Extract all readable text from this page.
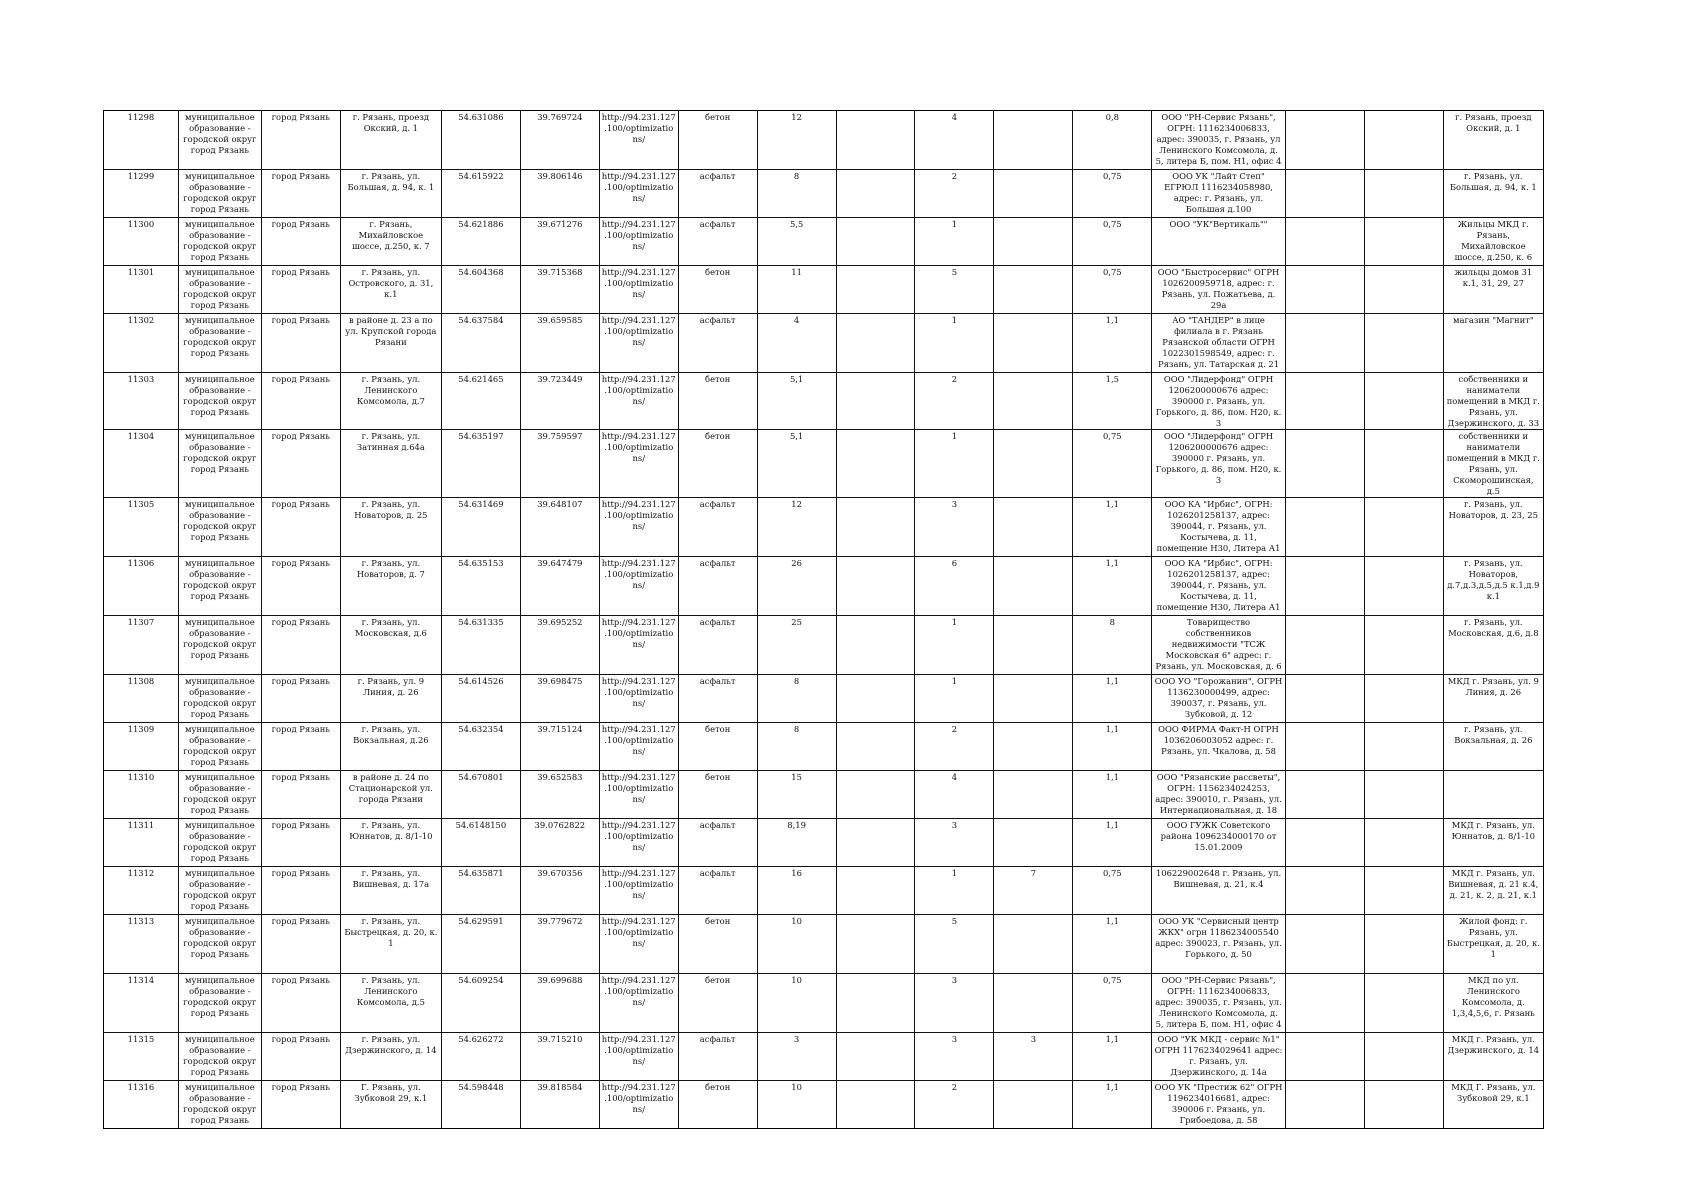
11298	муниципальное образование - городской округ город Рязань	город Рязань	г. Рязань, проезд Окский, д. 1	54.631086	39.769724	http://94.231.127.100/optimizations/	бетон	12		4		0,8	ООО "РН-Сервис Рязань", ОГРН: 1116234006833, адрес: 390035, г. Рязань, ул Ленинского Комсомола, д. 5, литера Б, пом. Н1, офис 4			г. Рязань, проезд Окский, д. 1
11299	муниципальное образование - городской округ город Рязань	город Рязань	г. Рязань, ул. Большая, д. 94, к. 1	54.615922	39.806146	http://94.231.127.100/optimizations/	асфальт	8		2		0,75	ООО УК "Лайт Степ" ЕГРЮЛ 1116234058980, адрес: г. Рязань, ул. Большая д.100			г. Рязань, ул. Большая, д. 94, к. 1
11300	муниципальное образование - городской округ город Рязань	город Рязань	г. Рязань, Михайловское шоссе, д.250, к. 7	54.621886	39.671276	http://94.231.127.100/optimizations/	асфальт	5,5		1		0,75	ООО "УК"Вертикаль""			Жильцы МКД г. Рязань, Михайловское шоссе, д.250, к. 6
11301	муниципальное образование - городской округ город Рязань	город Рязань	г. Рязань, ул. Островского, д. 31, к.1	54.604368	39.715368	http://94.231.127.100/optimizations/	бетон	11		5		0,75	ООО "Быстросервис" ОГРН 1026200959718, адрес: г. Рязань, ул. Пожатьева, д. 29а			жильцы домов 31 к.1, 31, 29, 27
11302	муниципальное образование - городской округ город Рязань	город Рязань	в районе д. 23 а по ул. Крупской города Рязани	54.637584	39.659585	http://94.231.127.100/optimizations/	асфальт	4		1		1,1	АО "ТАНДЕР" в лице филиала в г. Рязань Рязанской области ОГРН 1022301598549, адрес: г. Рязань, ул. Татарская д. 21			магазин "Магнит"
11303	муниципальное образование - городской округ город Рязань	город Рязань	г. Рязань, ул. Ленинского Комсомола, д.7	54.621465	39.723449	http://94.231.127.100/optimizations/	бетон	5,1		2		1,5	ООО "Лидерфонд" ОГРН 1206200000676 адрес: 390000 г. Рязань, ул. Горького, д. 86, пом. Н20, к. 3			собственники и наниматели помещений в МКД г. Рязань, ул. Дзержинского, д. 33
11304	муниципальное образование - городской округ город Рязань	город Рязань	г. Рязань, ул. Затинная д.64а	54.635197	39.759597	http://94.231.127.100/optimizations/	бетон	5,1		1		0,75	ООО "Лидерфонд" ОГРН 1206200000676 адрес: 390000 г. Рязань, ул. Горького, д. 86, пом. Н20, к. 3			собственники и наниматели помещений в МКД г. Рязань, ул. Скоморошинская, д.5
11305	муниципальное образование - городской округ город Рязань	город Рязань	г. Рязань, ул. Новаторов, д. 25	54.631469	39.648107	http://94.231.127.100/optimizations/	асфальт	12		3		1,1	ООО КА "Ирбис", ОГРН: 1026201258137, адрес: 390044, г. Рязань, ул. Костычева, д. 11, помещение Н30, Литера А1			г. Рязань, ул. Новаторов, д. 23, 25
11306	муниципальное образование - городской округ город Рязань	город Рязань	г. Рязань, ул. Новаторов, д. 7	54.635153	39.647479	http://94.231.127.100/optimizations/	асфальт	26		6		1,1	ООО КА "Ирбис", ОГРН: 1026201258137, адрес: 390044, г. Рязань, ул. Костычева, д. 11, помещение Н30, Литера А1			г. Рязань, ул. Новаторов, д.7,д.3,д.5,д.5 к.1,д.9 к.1
11307	муниципальное образование - городской округ город Рязань	город Рязань	г. Рязань, ул. Московская, д.6	54.631335	39.695252	http://94.231.127.100/optimizations/	асфальт	25		1		8	Товарищество собственников недвижимости "ТСЖ Московская 6" адрес: г. Рязань, ул. Московская, д. 6			г. Рязань, ул. Московская, д.6, д.8
11308	муниципальное образование - городской округ город Рязань	город Рязань	г. Рязань, ул. 9 Линия, д. 26	54.614526	39.698475	http://94.231.127.100/optimizations/	асфальт	8		1		1,1	ООО УО "Горожанин", ОГРН 1136230000499, адрес: 390037, г. Рязань, ул. Зубковой, д. 12			МКД г. Рязань, ул. 9 Линия, д. 26
11309	муниципальное образование - городской округ город Рязань	город Рязань	г. Рязань, ул. Вокзальная, д.26	54.632354	39.715124	http://94.231.127.100/optimizations/	бетон	8		2		1,1	ООО ФИРМА Факт-Н ОГРН 1036206003052 адрес: г. Рязань, ул. Чкалова, д. 58			г. Рязань, ул. Вокзальная, д. 26
11310	муниципальное образование - городской округ город Рязань	город Рязань	в районе д. 24 по Стационарской ул. города Рязани	54.670801	39.652583	http://94.231.127.100/optimizations/	бетон	15		4		1,1	ООО "Рязанские рассветы", ОГРН: 1156234024253, адрес: 390010, г. Рязань, ул. Интернациональная, д. 18			
11311	муниципальное образование - городской округ город Рязань	город Рязань	г. Рязань, ул. Юннатов, д. 8/1-10	54.6148150	39.0762822	http://94.231.127.100/optimizations/	асфальт	8,19		3		1,1	ООО ГУЖК Советского района 1096234000170 от 15.01.2009			МКД г. Рязань, ул. Юннатов, д. 8/1-10
11312	муниципальное образование - городской округ город Рязань	город Рязань	г. Рязань, ул. Вишневая, д. 17а	54.635871	39.670356	http://94.231.127.100/optimizations/	асфальт	16		1	7	0,75	106229002648 г. Рязань, ул. Вишневая, д. 21, к.4			МКД г. Рязань, ул. Вишневая, д. 21 к.4, д. 21, к. 2, д. 21, к.1
11313	муниципальное образование - городской округ город Рязань	город Рязань	г. Рязань, ул. Быстрецкая, д. 20, к. 1	54.629591	39.779672	http://94.231.127.100/optimizations/	бетон	10		5		1,1	ООО УК "Сервисный центр ЖКХ" огрн 1186234005540 адрес: 390023, г. Рязань, ул. Горького, д. 50			Жилой фонд: г. Рязань, ул. Быстрецкая, д. 20, к. 1
11314	муниципальное образование - городской округ город Рязань	город Рязань	г. Рязань, ул. Ленинского Комсомола, д.5	54.609254	39.699688	http://94.231.127.100/optimizations/	бетон	10		3		0,75	ООО "РН-Сервис Рязань", ОГРН: 1116234006833, адрес: 390035, г. Рязань, ул. Ленинского Комсомола, д. 5, литера Б, пом. Н1, офис 4			МКД по ул. Ленинского Комсомола, д. 1,3,4,5,6, г. Рязань
11315	муниципальное образование - городской округ город Рязань	город Рязань	г. Рязань, ул. Дзержинского, д. 14	54.626272	39.715210	http://94.231.127.100/optimizations/	асфальт	3		3	3	1,1	ООО "УК МКД - сервис №1" ОГРН 1176234029641 адрес: г. Рязань, ул. Дзержинского, д. 14а			МКД г. Рязань, ул. Дзержинского, д. 14
11316	муниципальное образование - городской округ город Рязань	город Рязань	Г. Рязань, ул. Зубковой 29, к.1	54.598448	39.818584	http://94.231.127.100/optimizations/	бетон	10		2		1,1	ООО УК "Престиж 62" ОГРН 1196234016681, адрес: 390006 г. Рязань, ул. Грибоедова, д. 58			МКД Г. Рязань, ул. Зубковой 29, к.1
